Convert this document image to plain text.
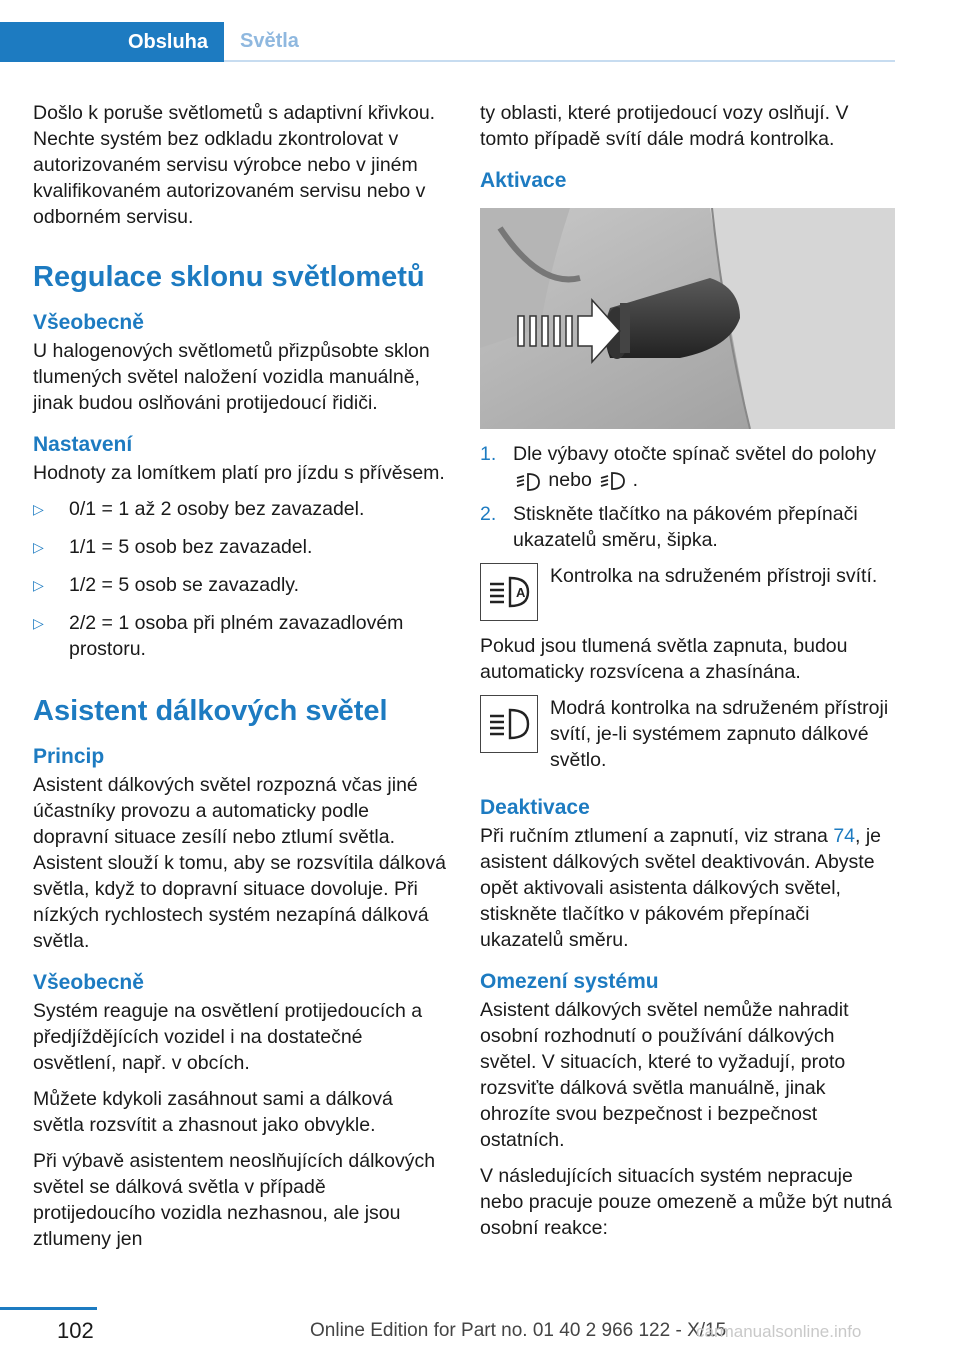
Obsluha	Světla

Došlo k poruše světlometů s adaptivní křivkou. Nechte systém bez odkladu zkontrolovat v autorizovaném servisu výrobce nebo v jiném kvalifikovaném autorizovaném servisu nebo v odborném servisu.

Regulace sklonu světlometů
Všeobecně

U halogenových světlometů přizpůsobte sklon tlumených světel naložení vozidla manuálně, jinak budou oslňováni protijedoucí řidiči.

Nastavení

Hodnoty za lomítkem platí pro jízdu s přívěsem.

▷ 0/1 = 1 až 2 osoby bez zavazadel.
▷ 1/1 = 5 osob bez zavazadel.
▷ 1/2 = 5 osob se zavazadly.
▷ 2/2 = 1 osoba při plném zavazadlovém prostoru.
Asistent dálkových světel
Princip

Asistent dálkových světel rozpozná včas jiné účastníky provozu a automaticky podle dopravní situace zesílí nebo ztlumí světla. Asistent slouží k tomu, aby se rozsvítila dálková světla, když to dopravní situace dovoluje. Při nízkých rychlostech systém nezapíná dálková světla.

Všeobecně

Systém reaguje na osvětlení protijedoucích a předjíždějících vozidel i na dostatečné osvětlení, např. v obcích.

Můžete kdykoli zasáhnout sami a dálková světla rozsvítit a zhasnout jako obvykle.

Při výbavě asistentem neoslňujících dálkových světel se dálková světla v případě protijedoucího vozidla nezhasnou, ale jsou ztlumeny jen

ty oblasti, které protijedoucí vozy oslňují. V tomto případě svítí dále modrá kontrolka.

Aktivace
1. Dle výbavy otočte spínač světel do polohy
nebo .
2. Stiskněte tlačítko na pákovém přepínači ukazatelů směru, šipka.
A

Kontrolka na sdruženém přístroji svítí.

Pokud jsou tlumená světla zapnuta, budou automaticky rozsvícena a zhasínána.

Modrá kontrolka na sdruženém přístroji svítí, je-li systémem zapnuto dálkové světlo.

Deaktivace

Při ručním ztlumení a zapnutí, viz strana 74, je asistent dálkových světel deaktivován. Abyste opět aktivovali asistenta dálkových světel, stiskněte tlačítko v pákovém přepínači ukazatelů směru.

Omezení systému

Asistent dálkových světel nemůže nahradit osobní rozhodnutí o používání dálkových světel. V situacích, které to vyžadují, proto rozsviťte dálková světla manuálně, jinak ohrozíte svou bezpečnost i bezpečnost ostatních.

V následujících situacích systém nepracuje nebo pracuje pouze omezeně a může být nutná osobní reakce:

102	Online Edition for Part no. 01 40 2 966 122 - X/15
carmanualsonline.info
